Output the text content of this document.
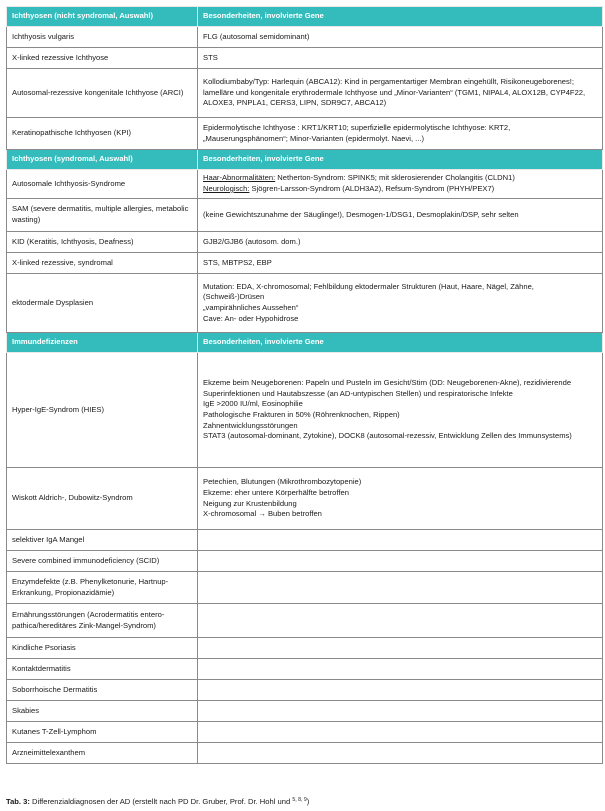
Ichthyosen (nicht syndromal, Auswahl)	Besonderheiten, involvierte Gene
Ichthyosis vulgaris	FLG (autosomal semidominant)
X-linked rezessive Ichthyose	STS
Autosomal-rezessive kongenitale Ichthyose (ARCI)	Kollodiumbaby/Typ: Harlequin (ABCA12): Kind in pergamentartiger Membran eingehüllt, Risikoneugeborenes!; lamelläre und kongenitale erythrodermale Ichthyose und „Minor-Varianten“ (TGM1, NIPAL4, ALOX12B, CYP4F22, ALOXE3, PNPLA1, CERS3, LIPN, SDR9C7, ABCA12)
Keratinopathische Ichthyosen (KPI)	Epidermolytische Ichthyose : KRT1/KRT10; superfizielle epidermolytische Ichthyose: KRT2, „Mauserungsphänomen“; Minor-Varianten (epidermolyt. Naevi, ...)
Ichthyosen (syndromal, Auswahl)	Besonderheiten, involvierte Gene
Autosomale Ichthyosis-Syndrome	Haar-Abnormalitäten: Netherton-Syndrom: SPINK5; mit sklerosierender Cholangitis (CLDN1)
Neurologisch: Sjögren-Larsson-Syndrom (ALDH3A2), Refsum-Syndrom (PHYH/PEX7)

SAM (severe dermatitis, multiple allergies, metabolic wasting)	(keine Gewichtszunahme der Säuglinge!), Desmogen-1/DSG1, Desmoplakin/DSP, sehr selten
KID (Keratitis, Ichthyosis, Deafness)	GJB2/GJB6 (autosom. dom.)
X-linked rezessive, syndromal	STS, MBTPS2, EBP
ektodermale Dysplasien	Mutation: EDA, X-chromosomal; Fehlbildung ektodermaler Strukturen (Haut, Haare, Nägel, Zähne, (Schweiß-)Drüsen
„vampirähnliches Aussehen“
Cave: An- oder Hypohidrose
Immundefizienzen	Besonderheiten, involvierte Gene
Hyper-IgE-Syndrom (HIES)	Ekzeme beim Neugeborenen: Papeln und Pusteln im Gesicht/Stirn (DD: Neugeborenen-Akne), rezidivierende Superinfektionen und Hautabszesse (an AD-untypischen Stellen) und respiratorische Infekte
IgE >2000 IU/ml, Eosinophilie
Pathologische Frakturen in 50% (Röhrenknochen, Rippen)
Zahnentwicklungsstörungen
STAT3 (autosomal-dominant, Zytokine), DOCK8 (autosomal-rezessiv, Entwicklung Zellen des Immunsystems)
Wiskott Aldrich-, Dubowitz-Syndrom	Petechien, Blutungen (Mikrothrombozytopenie)
Ekzeme: eher untere Körperhälfte betroffen
Neigung zur Krustenbildung
X-chromosomal → Buben betroffen
selektiver IgA Mangel	
Severe combined immunodeficiency (SCID)	
Enzymdefekte (z.B. Phenylketonurie, Hartnup-Erkrankung, Propionazidämie)	
Ernährungsstörungen (Acrodermatitis entero-pathica/hereditäres Zink-Mangel-Syndrom)	
Kindliche Psoriasis	
Kontaktdermatitis	
Soborrhoische Dermatitis	
Skabies	
Kutanes T-Zell-Lymphom	
Arzneimittelexanthem	
Tab. 3: Differenzialdiagnosen der AD (erstellt nach PD Dr. Gruber, Prof. Dr. Hohl und $^{5, 8, 9}$)
